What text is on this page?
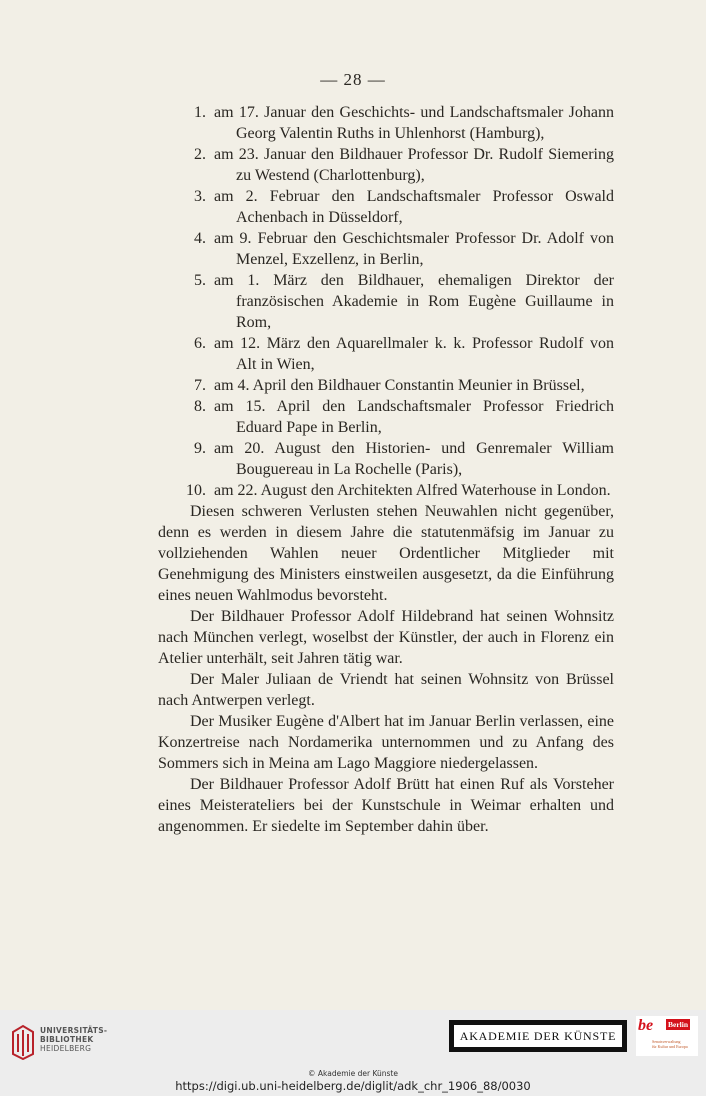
— 28 —
1. am 17. Januar den Geschichts- und Landschaftsmaler Johann Georg Valentin Ruths in Uhlenhorst (Hamburg),
2. am 23. Januar den Bildhauer Professor Dr. Rudolf Siemering zu Westend (Charlottenburg),
3. am 2. Februar den Landschaftsmaler Professor Oswald Achenbach in Düsseldorf,
4. am 9. Februar den Geschichtsmaler Professor Dr. Adolf von Menzel, Exzellenz, in Berlin,
5. am 1. März den Bildhauer, ehemaligen Direktor der französischen Akademie in Rom Eugène Guillaume in Rom,
6. am 12. März den Aquarellmaler k. k. Professor Rudolf von Alt in Wien,
7. am 4. April den Bildhauer Constantin Meunier in Brüssel,
8. am 15. April den Landschaftsmaler Professor Friedrich Eduard Pape in Berlin,
9. am 20. August den Historien- und Genremaler William Bouguereau in La Rochelle (Paris),
10. am 22. August den Architekten Alfred Waterhouse in London.

Diesen schweren Verlusten stehen Neuwahlen nicht gegenüber, denn es werden in diesem Jahre die statutenmäfsig im Januar zu vollziehenden Wahlen neuer Ordentlicher Mitglieder mit Genehmigung des Ministers einstweilen ausgesetzt, da die Einführung eines neuen Wahlmodus bevorsteht.

Der Bildhauer Professor Adolf Hildebrand hat seinen Wohnsitz nach München verlegt, woselbst der Künstler, der auch in Florenz ein Atelier unterhält, seit Jahren tätig war.

Der Maler Juliaan de Vriendt hat seinen Wohnsitz von Brüssel nach Antwerpen verlegt.

Der Musiker Eugène d'Albert hat im Januar Berlin verlassen, eine Konzertreise nach Nordamerika unternommen und zu Anfang des Sommers sich in Meina am Lago Maggiore niedergelassen.

Der Bildhauer Professor Adolf Brütt hat einen Ruf als Vorsteher eines Meisterateliers bei der Kunstschule in Weimar erhalten und angenommen. Er siedelte im September dahin über.

UNIVERSITÄTS-
BIBLIOTHEK
HEIDELBERG
© Akademie der Künste
https://digi.ub.uni-heidelberg.de/diglit/adk_chr_1906_88/0030
AKADEMIE DER KÜNSTE
be Berlin
Senatsverwaltung
für Kultur und Europa
